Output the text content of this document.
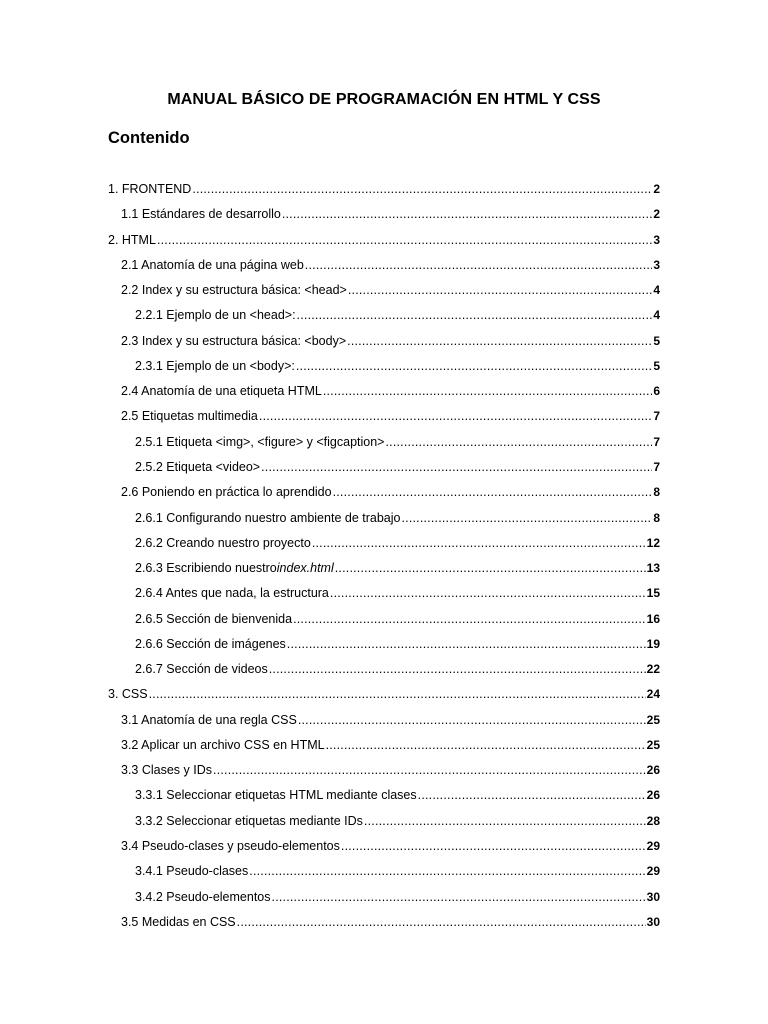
MANUAL BÁSICO DE PROGRAMACIÓN EN HTML Y CSS
Contenido
1. FRONTEND .....	2
1.1 Estándares de desarrollo .....	2
2. HTML .....	3
2.1 Anatomía de una página web .....	3
2.2 Index y su estructura básica: <head> .....	4
2.2.1 Ejemplo de un <head>: .....	4
2.3 Index y su estructura básica: <body> .....	5
2.3.1 Ejemplo de un <body>: .....	5
2.4 Anatomía de una etiqueta HTML .....	6
2.5 Etiquetas multimedia .....	7
2.5.1 Etiqueta <img>, <figure> y <figcaption> .....	7
2.5.2 Etiqueta <video> .....	7
2.6 Poniendo en práctica lo aprendido .....	8
2.6.1 Configurando nuestro ambiente de trabajo .....	8
2.6.2 Creando nuestro proyecto .....	12
2.6.3 Escribiendo nuestro index.html .....	13
2.6.4 Antes que nada, la estructura .....	15
2.6.5 Sección de bienvenida .....	16
2.6.6 Sección de imágenes .....	19
2.6.7 Sección de videos .....	22
3. CSS .....	24
3.1 Anatomía de una regla CSS .....	25
3.2 Aplicar un archivo CSS en HTML .....	25
3.3 Clases y IDs .....	26
3.3.1 Seleccionar etiquetas HTML mediante clases .....	26
3.3.2 Seleccionar etiquetas mediante IDs .....	28
3.4 Pseudo-clases y pseudo-elementos .....	29
3.4.1 Pseudo-clases .....	29
3.4.2 Pseudo-elementos .....	30
3.5 Medidas en CSS .....	30
